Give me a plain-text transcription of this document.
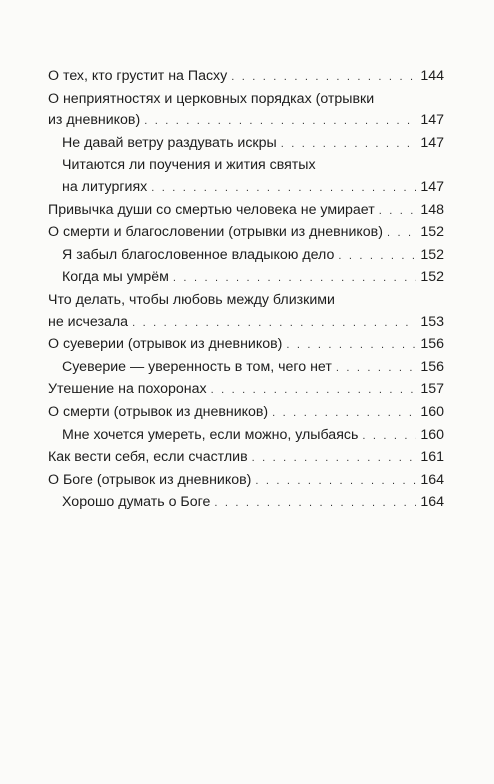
О тех, кто грустит на Пасху . . .	144
О неприятностях и церковных порядках (отрывки
из дневников) . . .	147
Не давай ветру раздувать искры . . .	147
Читаются ли поучения и жития святых
на литургиях . . .	147
Привычка души со смертью человека не умирает . . .	148
О смерти и благословении (отрывки из дневников) . . .	152
Я забыл благословенное владыкою дело . . .	152
Когда мы умрём . . .	152
Что делать, чтобы любовь между близкими
не исчезала . . .	153
О суеверии (отрывок из дневников) . . .	156
Суеверие — уверенность в том, чего нет . . .	156
Утешение на похоронах . . .	157
О смерти (отрывок из дневников) . . .	160
Мне хочется умереть, если можно, улыбаясь . . .	160
Как вести себя, если счастлив . . .	161
О Боге (отрывок из дневников) . . .	164
Хорошо думать о Боге . . .	164
